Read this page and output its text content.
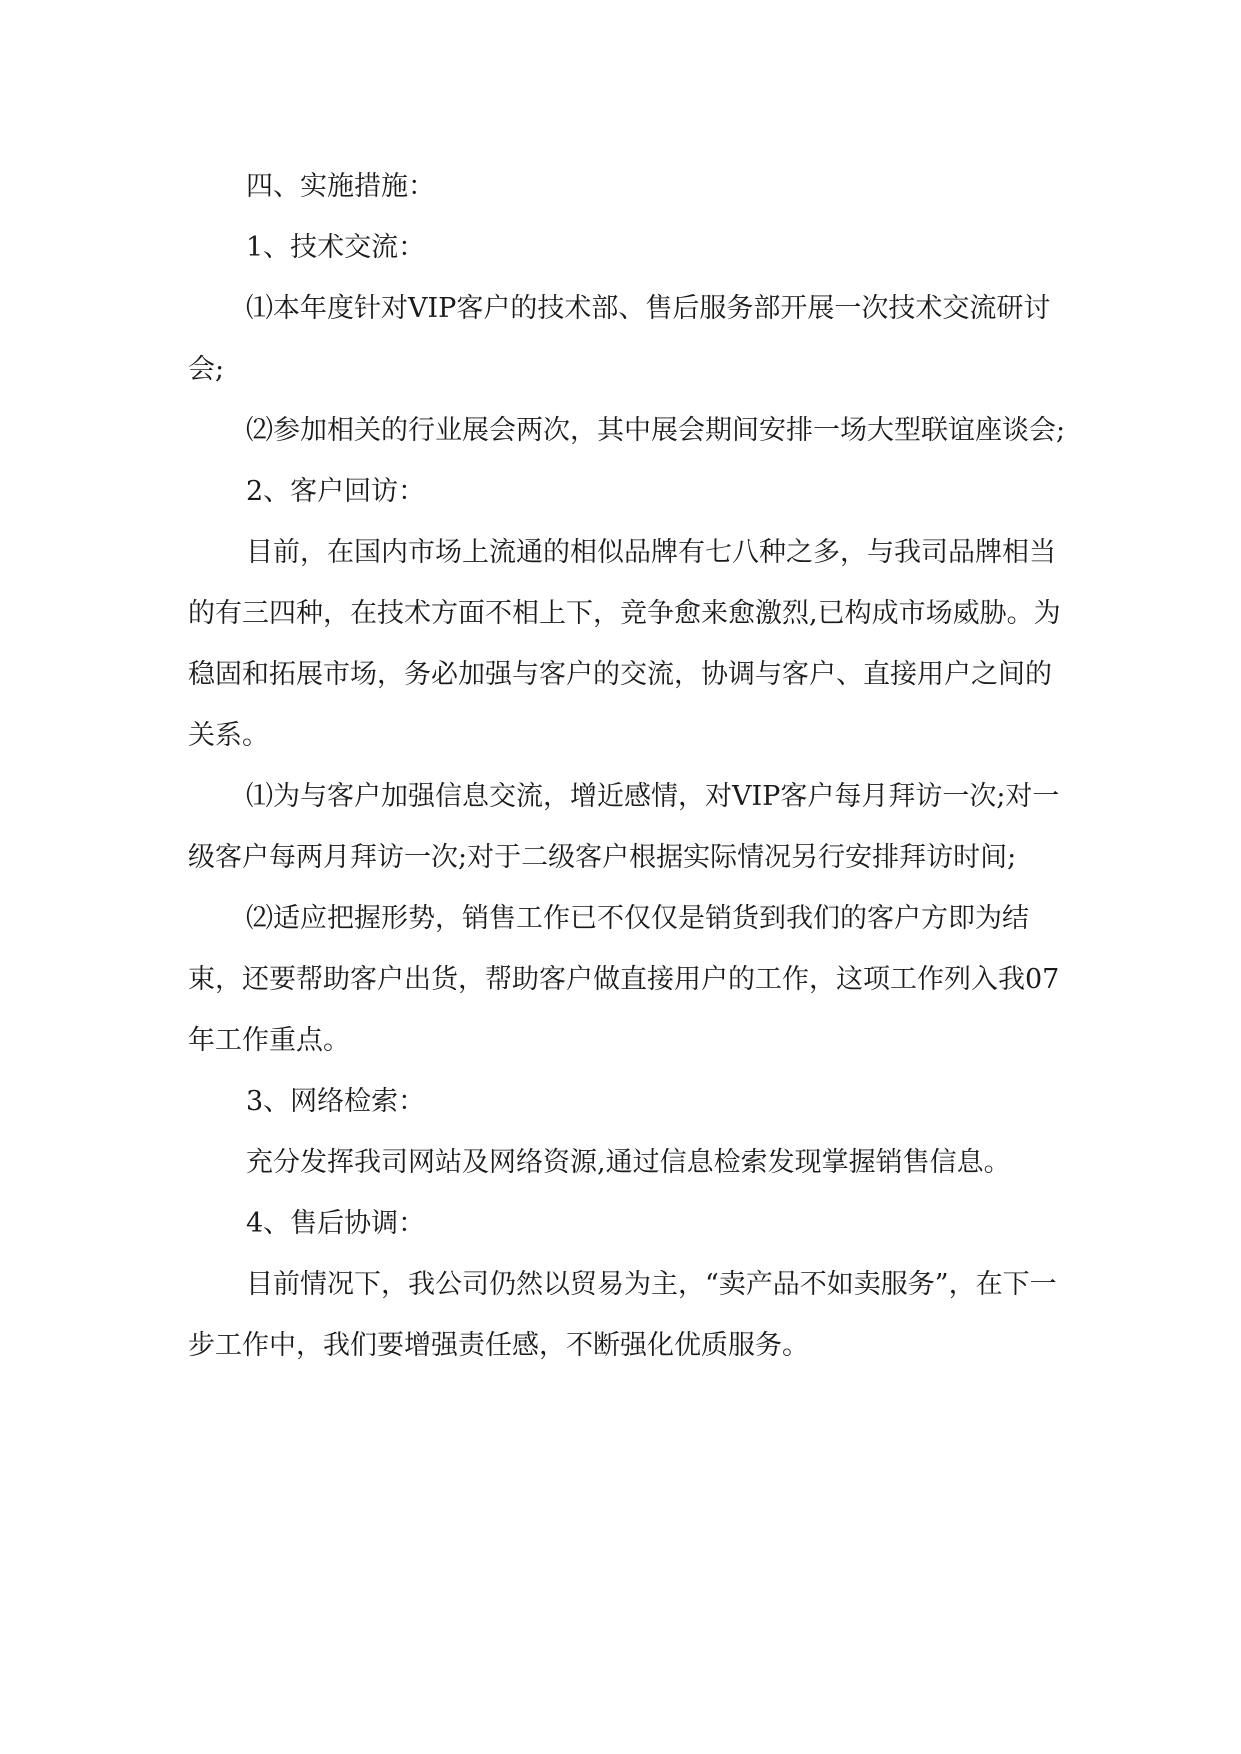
四、实施措施：

1、技术交流：

⑴本年度针对VIP客户的技术部、售后服务部开展一次技术交流研讨会;

⑵参加相关的行业展会两次，其中展会期间安排一场大型联谊座谈会;

2、客户回访：

目前，在国内市场上流通的相似品牌有七八种之多，与我司品牌相当的有三四种，在技术方面不相上下，竞争愈来愈激烈,已构成市场威胁。为稳固和拓展市场，务必加强与客户的交流，协调与客户、直接用户之间的关系。

⑴为与客户加强信息交流，增近感情，对VIP客户每月拜访一次;对一级客户每两月拜访一次;对于二级客户根据实际情况另行安排拜访时间;

⑵适应把握形势，销售工作已不仅仅是销货到我们的客户方即为结束，还要帮助客户出货，帮助客户做直接用户的工作，这项工作列入我07年工作重点。

3、网络检索：

充分发挥我司网站及网络资源,通过信息检索发现掌握销售信息。

4、售后协调：

目前情况下，我公司仍然以贸易为主，“卖产品不如卖服务”，在下一步工作中，我们要增强责任感，不断强化优质服务。
